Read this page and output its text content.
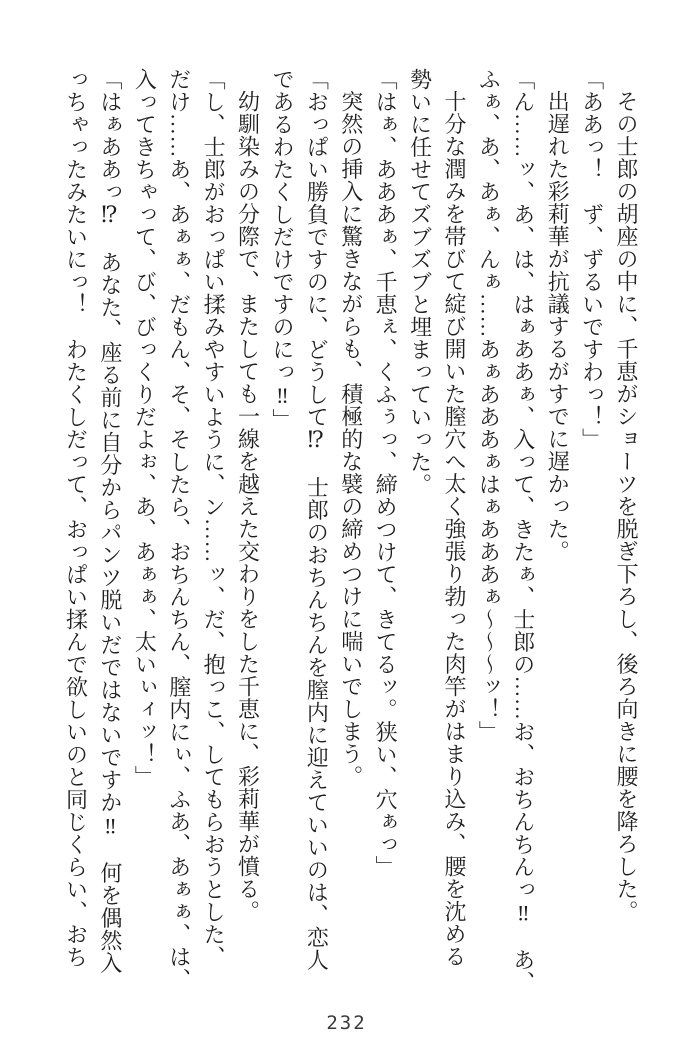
その士郎の胡座の中に、千恵がショーツを脱ぎ下ろし、後ろ向きに腰を降ろした。

「ああっ！　ず、ずるいですわっ！」

出遅れた彩莉華が抗議するがすでに遅かった。

「ん……ッ、あ、は、はぁああぁ、入って、きたぁ、士郎の……お、おちんちんっ‼　あ、

ふぁ、あ、あぁ、んぁ……あぁあああぁはぁあああぁ～～～ッ！」

十分な潤みを帯びて綻び開いた膣穴へ太く強張り勃った肉竿がはまり込み、腰を沈める

勢いに任せてズブズブと埋まっていった。

「はぁ、あああぁ、千恵ぇ、くふぅっ、締めつけて、きてるッ。狭い、穴ぁっ」

突然の挿入に驚きながらも、積極的な襞の締めつけに喘いでしまう。

「おっぱい勝負ですのに、どうして⁉　士郎のおちんちんを膣内に迎えていいのは、恋人

であるわたくしだけですのにっ‼」

幼馴染みの分際で、またしても一線を越えた交わりをした千恵に、彩莉華が憤る。

「し、士郎がおっぱい揉みやすいように、ン……ッ、だ、抱っこ、してもらおうとした、

だけ……あ、あぁぁ、だもん、そ、そしたら、おちんちん、膣内にぃ、ふあ、あぁぁ、は、

入ってきちゃって、び、びっくりだよぉ、あ、あぁぁ、太いぃィッ！」

「はぁああっ⁉　あなた、座る前に自分からパンツ脱いだではないですか‼　何を偶然入

っちゃったみたいにっ！　わたくしだって、おっぱい揉んで欲しいのと同じくらい、おち

232
